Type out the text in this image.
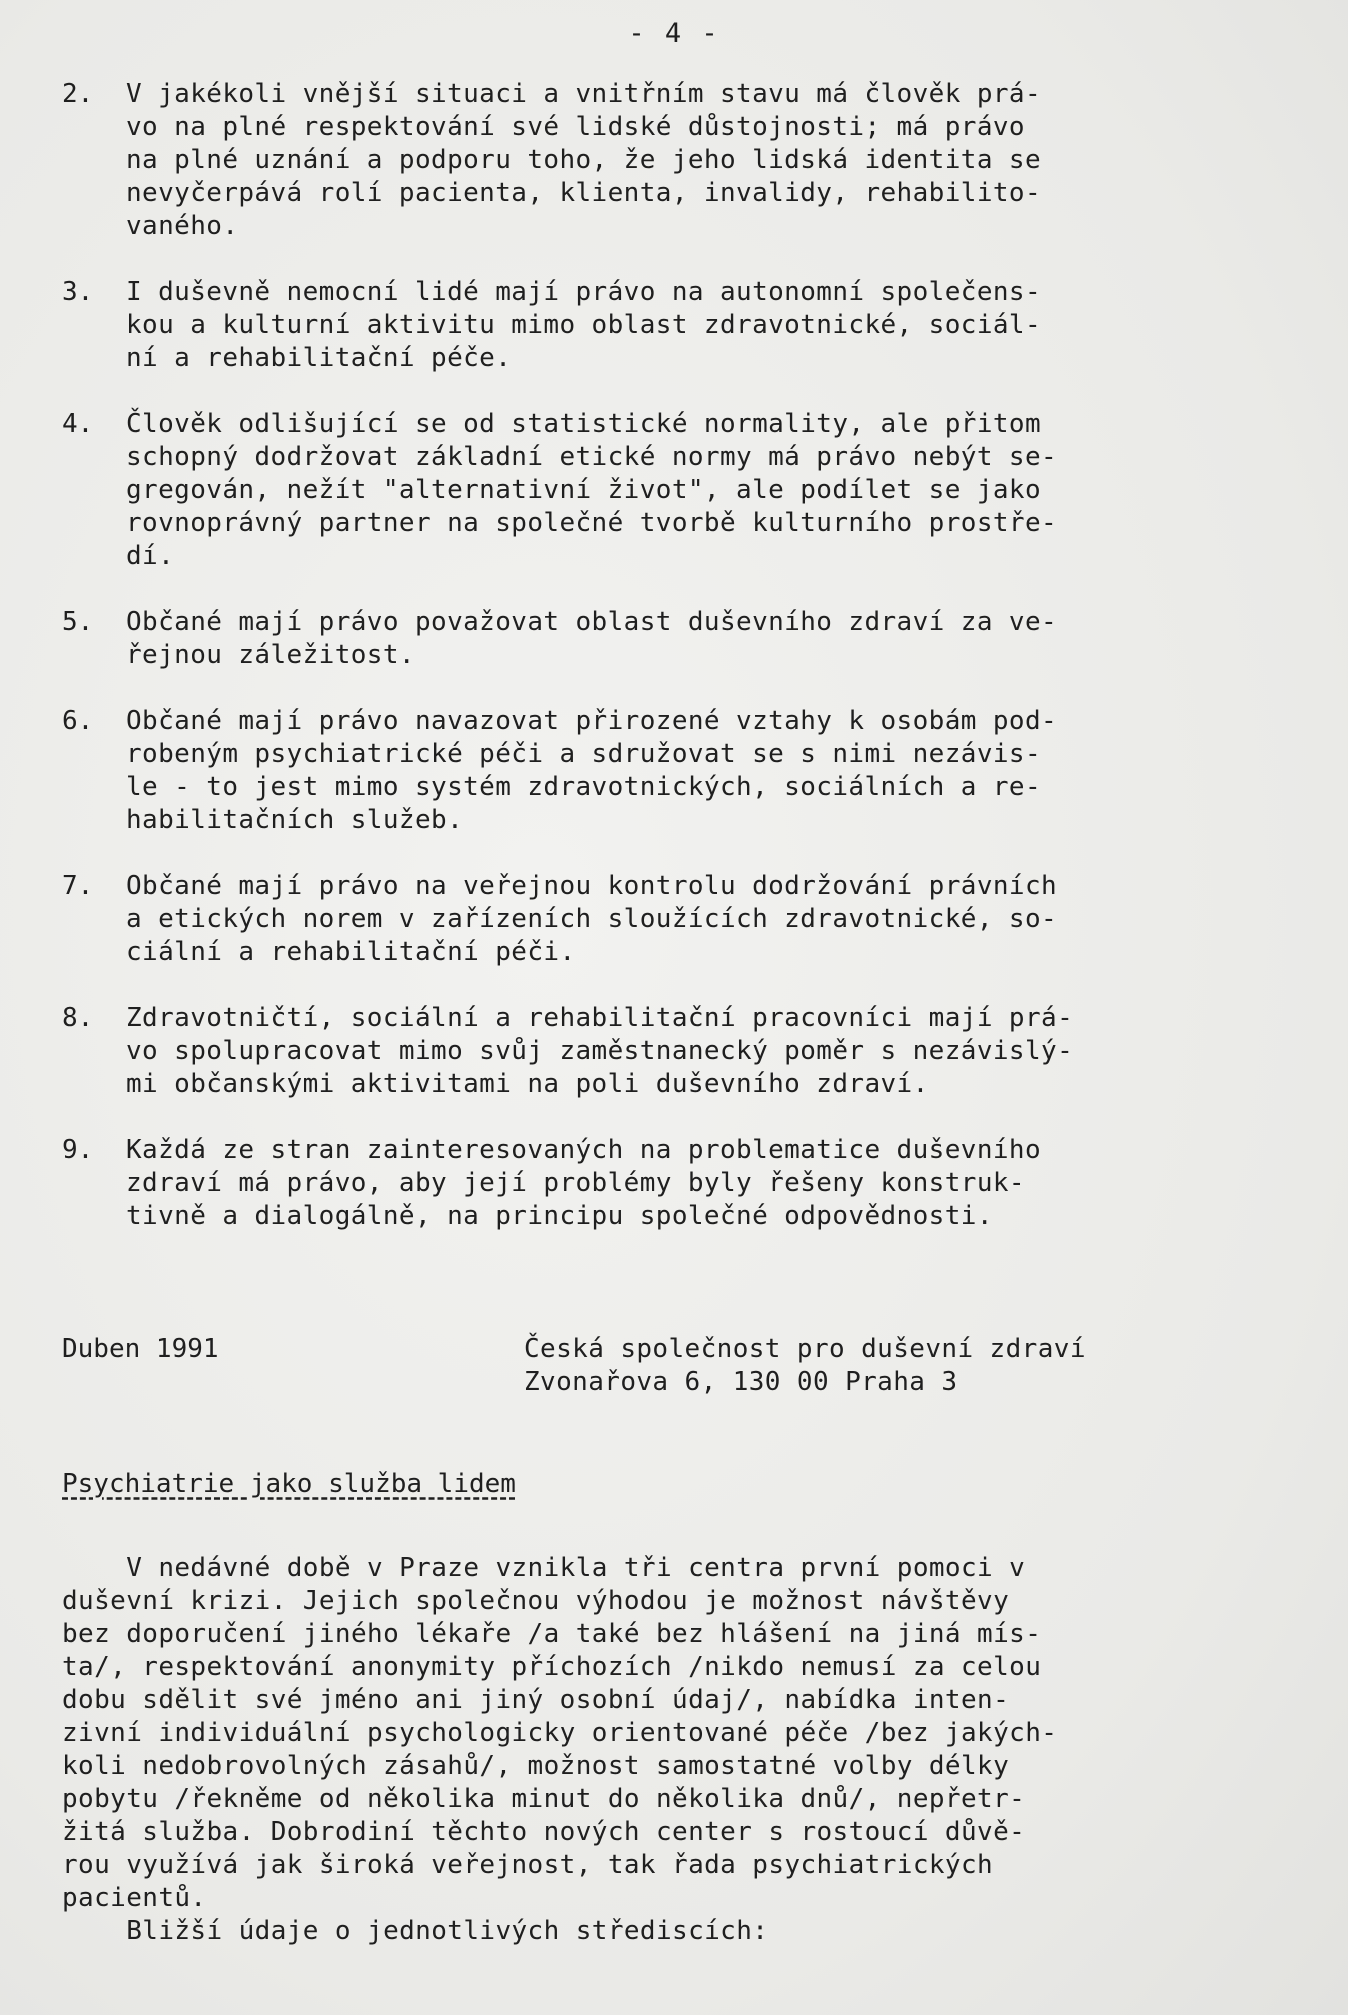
- 4 -
2.	V jakékoli vnější situaci a vnitřním stavu má člověk prá-
vo na plné respektování své lidské důstojnosti; má právo
na plné uznání a podporu toho, že jeho lidská identita se
nevyčerpává rolí pacienta, klienta, invalidy, rehabilito-
vaného.
3.	I duševně nemocní lidé mají právo na autonomní společens-
kou a kulturní aktivitu mimo oblast zdravotnické, sociál-
ní a rehabilitační péče.
4.	Člověk odlišující se od statistické normality, ale přitom
schopný dodržovat základní etické normy má právo nebýt se-
gregován, nežít "alternativní život", ale podílet se jako
rovnoprávný partner na společné tvorbě kulturního prostře-
dí.
5.	Občané mají právo považovat oblast duševního zdraví za ve-
řejnou záležitost.
6.	Občané mají právo navazovat přirozené vztahy k osobám pod-
robeným psychiatrické péči a sdružovat se s nimi nezávis-
le - to jest mimo systém zdravotnických, sociálních a re-
habilitačních služeb.
7.	Občané mají právo na veřejnou kontrolu dodržování právních
a etických norem v zařízeních sloužících zdravotnické, so-
ciální a rehabilitační péči.
8.	Zdravotničtí, sociální a rehabilitační pracovníci mají prá-
vo spolupracovat mimo svůj zaměstnanecký poměr s nezávislý-
mi občanskými aktivitami na poli duševního zdraví.
9.	Každá ze stran zainteresovaných na problematice duševního
zdraví má právo, aby její problémy byly řešeny konstruk-
tivně a dialogálně, na principu společné odpovědnosti.
Duben 1991	Česká společnost pro duševní zdraví
Zvonařova 6, 130 00 Praha 3
Psychiatrie jako služba lidem
V nedávné době v Praze vznikla tři centra první pomoci v
duševní krizi. Jejich společnou výhodou je možnost návštěvy
bez doporučení jiného lékaře /a také bez hlášení na jiná mís-
ta/, respektování anonymity příchozích /nikdo nemusí za celou
dobu sdělit své jméno ani jiný osobní údaj/, nabídka inten-
zivní individuální psychologicky orientované péče /bez jakých-
koli nedobrovolných zásahů/, možnost samostatné volby délky
pobytu /řekněme od několika minut do několika dnů/, nepřetr-
žitá služba. Dobrodiní těchto nových center s rostoucí důvě-
rou využívá jak široká veřejnost, tak řada psychiatrických
pacientů.
Bližší údaje o jednotlivých střediscích:
